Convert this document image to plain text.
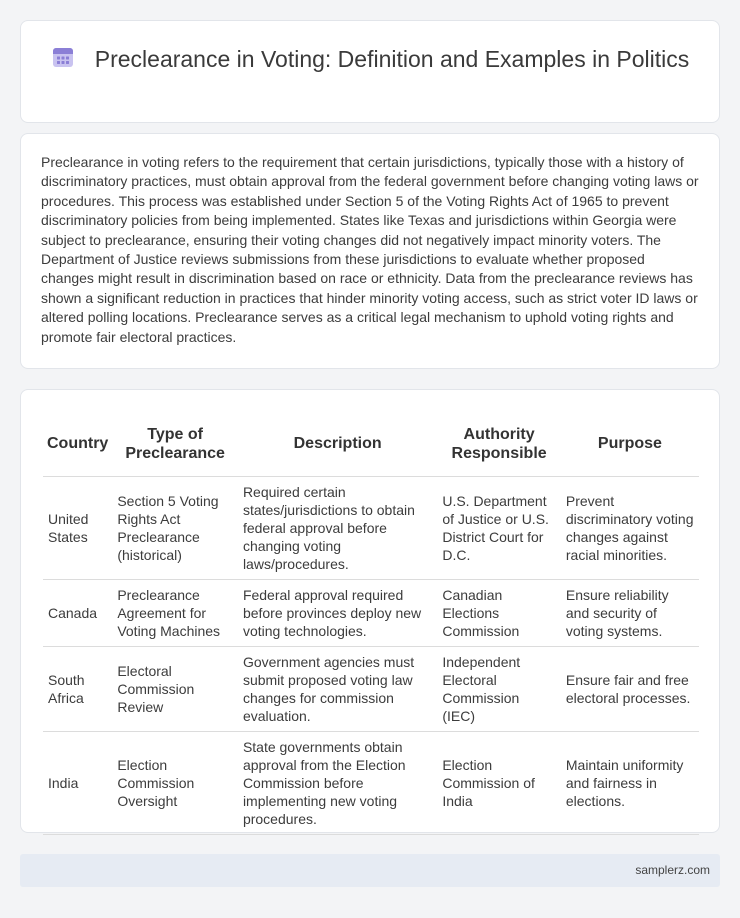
Preclearance in Voting: Definition and Examples in Politics

Preclearance in voting refers to the requirement that certain jurisdictions, typically those with a history of discriminatory practices, must obtain approval from the federal government before changing voting laws or procedures. This process was established under Section 5 of the Voting Rights Act of 1965 to prevent discriminatory policies from being implemented. States like Texas and jurisdictions within Georgia were subject to preclearance, ensuring their voting changes did not negatively impact minority voters. The Department of Justice reviews submissions from these jurisdictions to evaluate whether proposed changes might result in discrimination based on race or ethnicity. Data from the preclearance reviews has shown a significant reduction in practices that hinder minority voting access, such as strict voter ID laws or altered polling locations. Preclearance serves as a critical legal mechanism to uphold voting rights and promote fair electoral practices.

Country	Type of Preclearance	Description	Authority Responsible	Purpose
United States	Section 5 Voting Rights Act Preclearance (historical)	Required certain states/jurisdictions to obtain federal approval before changing voting laws/procedures.	U.S. Department of Justice or U.S. District Court for D.C.	Prevent discriminatory voting changes against racial minorities.
Canada	Preclearance Agreement for Voting Machines	Federal approval required before provinces deploy new voting technologies.	Canadian Elections Commission	Ensure reliability and security of voting systems.
South Africa	Electoral Commission Review	Government agencies must submit proposed voting law changes for commission evaluation.	Independent Electoral Commission (IEC)	Ensure fair and free electoral processes.
India	Election Commission Oversight	State governments obtain approval from the Election Commission before implementing new voting procedures.	Election Commission of India	Maintain uniformity and fairness in elections.
samplerz.com
